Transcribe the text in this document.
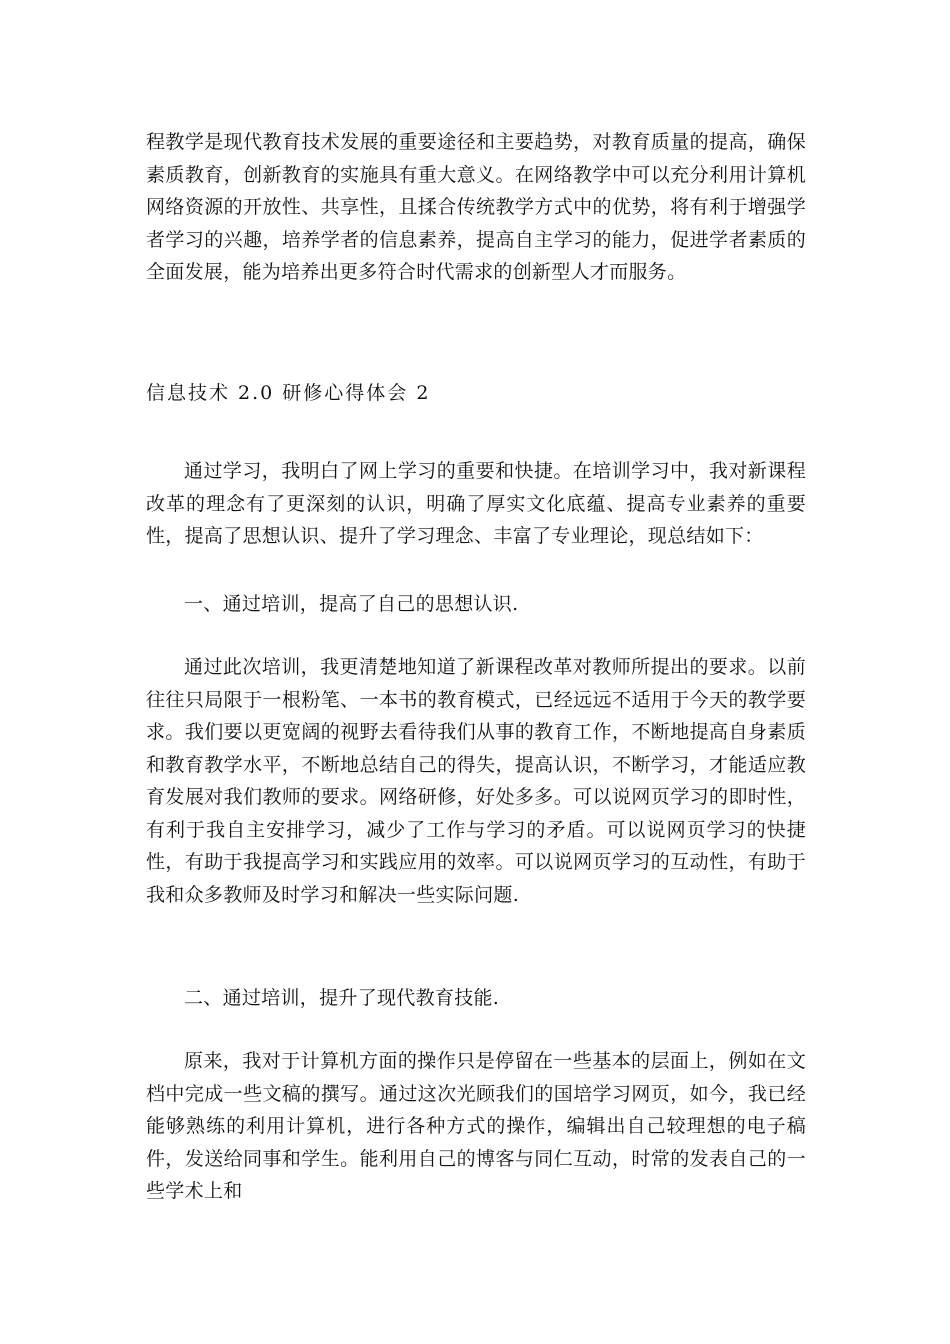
程教学是现代教育技术发展的重要途径和主要趋势，对教育质量的提高，确保素质教育，创新教育的实施具有重大意义。在网络教学中可以充分利用计算机网络资源的开放性、共享性，且揉合传统教学方式中的优势，将有利于增强学者学习的兴趣，培养学者的信息素养，提高自主学习的能力，促进学者素质的全面发展，能为培养出更多符合时代需求的创新型人才而服务。

信息技术 2.0 研修心得体会 2

通过学习，我明白了网上学习的重要和快捷。在培训学习中，我对新课程改革的理念有了更深刻的认识，明确了厚实文化底蕴、提高专业素养的重要性，提高了思想认识、提升了学习理念、丰富了专业理论，现总结如下：

一、通过培训，提高了自己的思想认识.

通过此次培训，我更清楚地知道了新课程改革对教师所提出的要求。以前往往只局限于一根粉笔、一本书的教育模式，已经远远不适用于今天的教学要求。我们要以更宽阔的视野去看待我们从事的教育工作，不断地提高自身素质和教育教学水平，不断地总结自己的得失，提高认识，不断学习，才能适应教育发展对我们教师的要求。网络研修，好处多多。可以说网页学习的即时性，有利于我自主安排学习，减少了工作与学习的矛盾。可以说网页学习的快捷性，有助于我提高学习和实践应用的效率。可以说网页学习的互动性，有助于我和众多教师及时学习和解决一些实际问题.

二、通过培训，提升了现代教育技能.

原来，我对于计算机方面的操作只是停留在一些基本的层面上，例如在文档中完成一些文稿的撰写。通过这次光顾我们的国培学习网页，如今，我已经能够熟练的利用计算机，进行各种方式的操作，编辑出自己较理想的电子稿件，发送给同事和学生。能利用自己的博客与同仁互动，时常的发表自己的一些学术上和
